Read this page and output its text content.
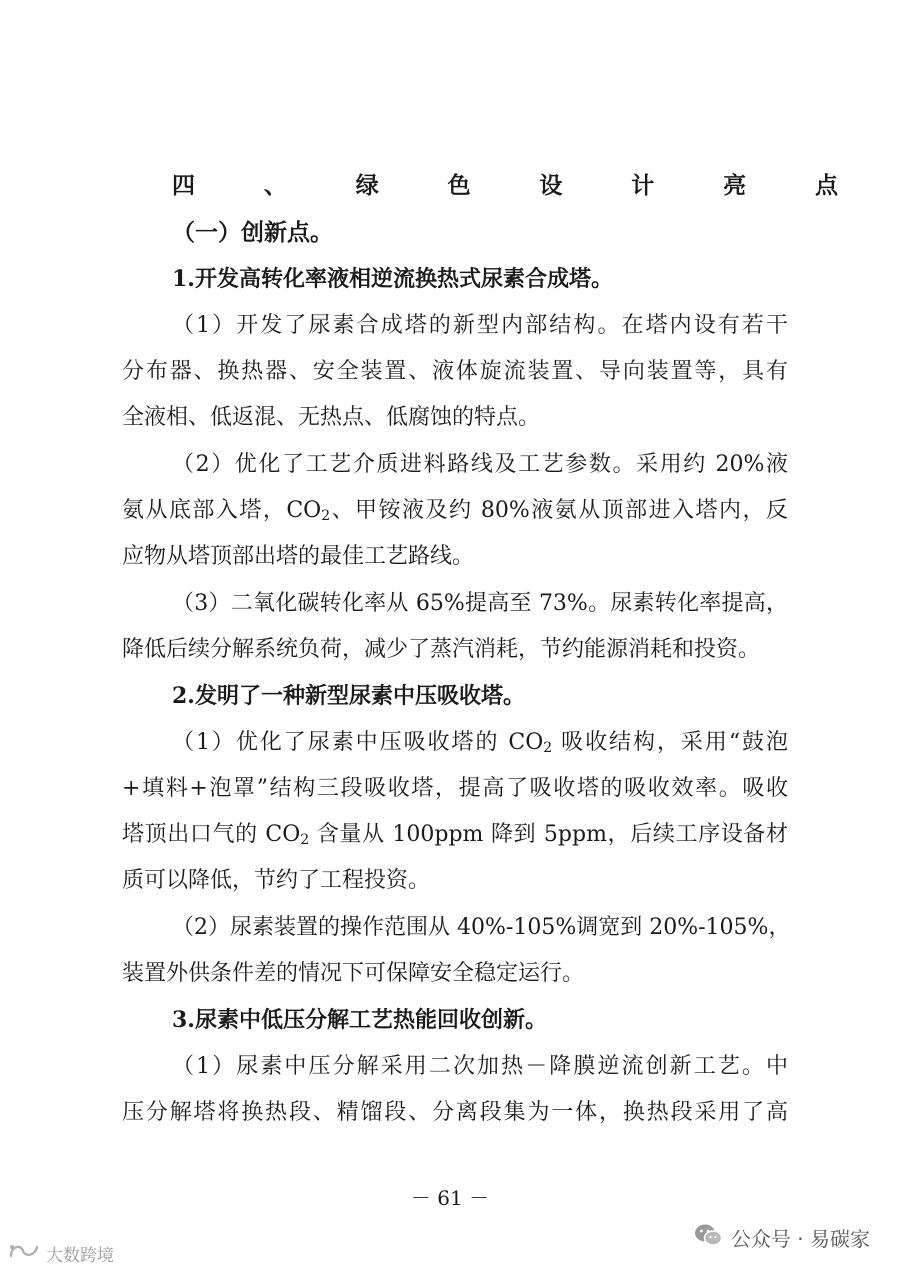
四、绿色设计亮点
（一）创新点。
1.开发高转化率液相逆流换热式尿素合成塔。
（1）开发了尿素合成塔的新型内部结构。在塔内设有若干
分布器、换热器、安全装置、液体旋流装置、导向装置等，具有
全液相、低返混、无热点、低腐蚀的特点。
（2）优化了工艺介质进料路线及工艺参数。采用约 20%液
氨从底部入塔，$CO_2$、甲铵液及约 80%液氨从顶部进入塔内，反
应物从塔顶部出塔的最佳工艺路线。
（3）二氧化碳转化率从 65%提高至 73%。尿素转化率提高，
降低后续分解系统负荷，减少了蒸汽消耗，节约能源消耗和投资。
2.发明了一种新型尿素中压吸收塔。
（1）优化了尿素中压吸收塔的 $CO_2$ 吸收结构，采用“鼓泡
+填料+泡罩”结构三段吸收塔，提高了吸收塔的吸收效率。吸收
塔顶出口气的 $CO_2$ 含量从 100ppm 降到 5ppm，后续工序设备材
质可以降低，节约了工程投资。
（2）尿素装置的操作范围从 40%-105%调宽到 20%-105%，
装置外供条件差的情况下可保障安全稳定运行。
3.尿素中低压分解工艺热能回收创新。
（1）尿素中压分解采用二次加热－降膜逆流创新工艺。中
压分解塔将换热段、精馏段、分离段集为一体，换热段采用了高
－ 61 －
公众号 · 易碳家
大数跨境
